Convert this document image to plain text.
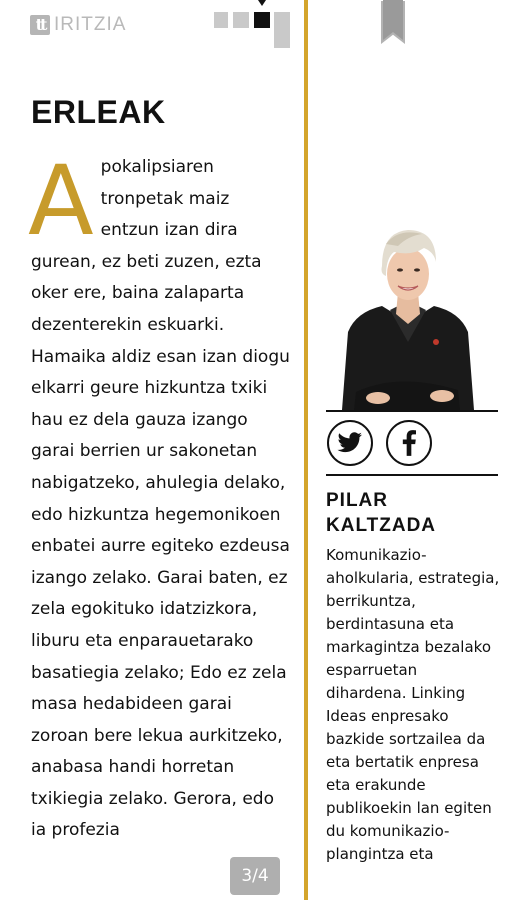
tt IRITZIA
ERLEAK
A pokalipsiaren tronpetak maiz entzun izan dira gurean, ez beti zuzen, ezta oker ere, baina zalaparta dezenterekin eskuarki. Hamaika aldiz esan izan diogu elkarri geure hizkuntza txiki hau ez dela gauza izango garai berrien ur sakonetan nabigatzeko, ahulegia delako, edo hizkuntza hegemonikoen enbatei aurre egiteko ezdeusa izango zelako. Garai baten, ez zela egokituko idatzizkora, liburu eta enparauetarako basatiegia zelako; Edo ez zela masa hedabideen garai zoroan bere lekua aurkitzeko, anabasa handi horretan txikiegia zelako. Gerora, edo ia profezia

3/4
PILAR KALTZADA
Komunikazio-aholkularia, estrategia, berrikuntza, berdintasuna eta markagintza bezalako esparruetan dihardena. Linking Ideas enpresako bazkide sortzailea da eta bertatik enpresa eta erakunde publikoekin lan egiten du komunikazio-plangintza eta
